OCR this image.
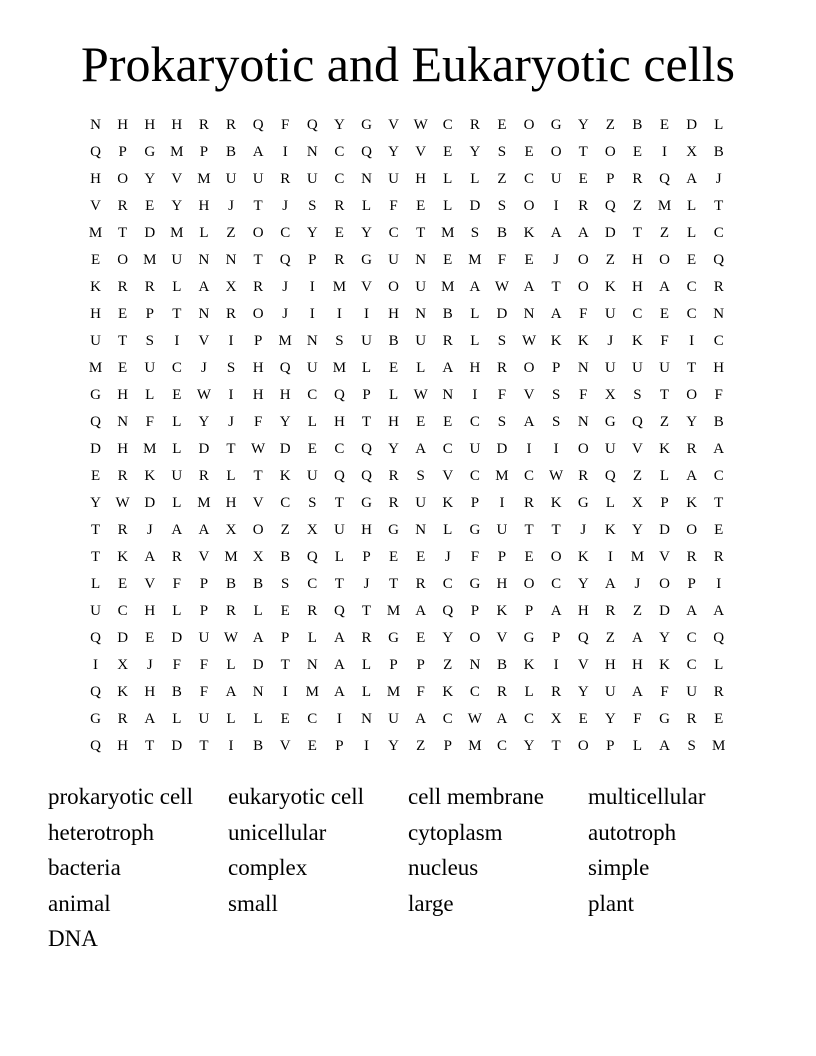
Prokaryotic and Eukaryotic cells
N	H	H	H	R	R	Q	F	Q	Y	G	V W	C	R	E	O	G	Y	Z	B	E	D	L
Q	P	G	M	P	B	A	I	N	C	Q	Y	V	E	Y	S	E	O	T	O	E	I	X	B
H	O	Y	V	M	U	U	R	U	C	N	U	H	L	L	Z	C	U	E	P	R	Q	A	J
V	R	E	Y	H	J	T	J	S	R	L	F	E	L	D	S	O	I	R	Q	Z	M	L	T
M	T	D	M	L	Z	O	C	Y	E	Y	C	T	M	S	B	K	A	A	D	T	Z	L	C
E	O	M	U	N	N	T	Q	P	R	G	U	N	E	M	F	E	J	O	Z	H	O	E	Q
K	R	R	L	A	X	R	J	I	M	V	O	U	M	A W A	T	O	K	H	A	C	R
H	E	P	T	N	R	O	J	I	I	I	H	N	B	L	D	N	A	F	U	C	E	C	N
U	T	S	I	V	I	P	M	N	S	U	B	U	R	L	S	W K	K	J	K	F	I	C
M	E	U	C	J	S	H	Q	U	M	L	E	L	A	H	R	O	P	N	U	U	U	T	H
G	H	L	E	W	I	H	H	C	Q	P	L	W N	I	F	V	S	F	X	S	T	O	F
Q	N	F	L	Y	J	F	Y	L	H	T	H	E	E	C	S	A	S	N	G	Q	Z	Y	B
D	H	M	L	D	T	W D	E	C	Q	Y	A	C	U	D	I	I	O	U	V	K	R	A
E	R	K	U	R	L	T	K	U	Q	Q	R	S	V	C	M	C	W	R	Q	Z	L	A	C
Y W D	L	M	H	V	C	S	T	G	R	U	K	P	I	R	K	G	L	X	P	K	T
T	R	J	A	A	X	O	Z	X	U	H	G	N	L	G	U	T	T	J	K	Y	D	O	E
T	K	A	R	V	M	X	B	Q	L	P	E	E	J	F	P	E	O	K	I	M	V	R	R
L	E	V	F	P	B	B	S	C	T	J	T	R	C	G	H	O	C	Y	A	J	O	P	I
U	C	H	L	P	R	L	E	R	Q	T	M	A	Q	P	K	P	A	H	R	Z	D	A	A
Q	D	E	D	U W A	P	L	A	R	G	E	Y	O	V	G	P	Q	Z	A	Y	C	Q
I	X	J	F	F	L	D	T	N	A	L	P	P	Z	N	B	K	I	V	H	H	K	C	L
Q	K	H	B	F	A	N	I	M	A	L	M	F	K	C	R	L	R	Y	U	A	F	U	R
G	R	A	L	U	L	L	E	C	I	N	U	A	C	W A	C	X	E	Y	F	G	R	E
Q	H	T	D	T	I	B	V	E	P	I	Y	Z	P	M	C	Y	T	O	P	L	A	S	M
prokaryotic cell	eukaryotic cell	cell membrane	multicellular
heterotroph	unicellular	cytoplasm	autotroph
bacteria	complex	nucleus	simple
animal	small	large	plant
DNA
